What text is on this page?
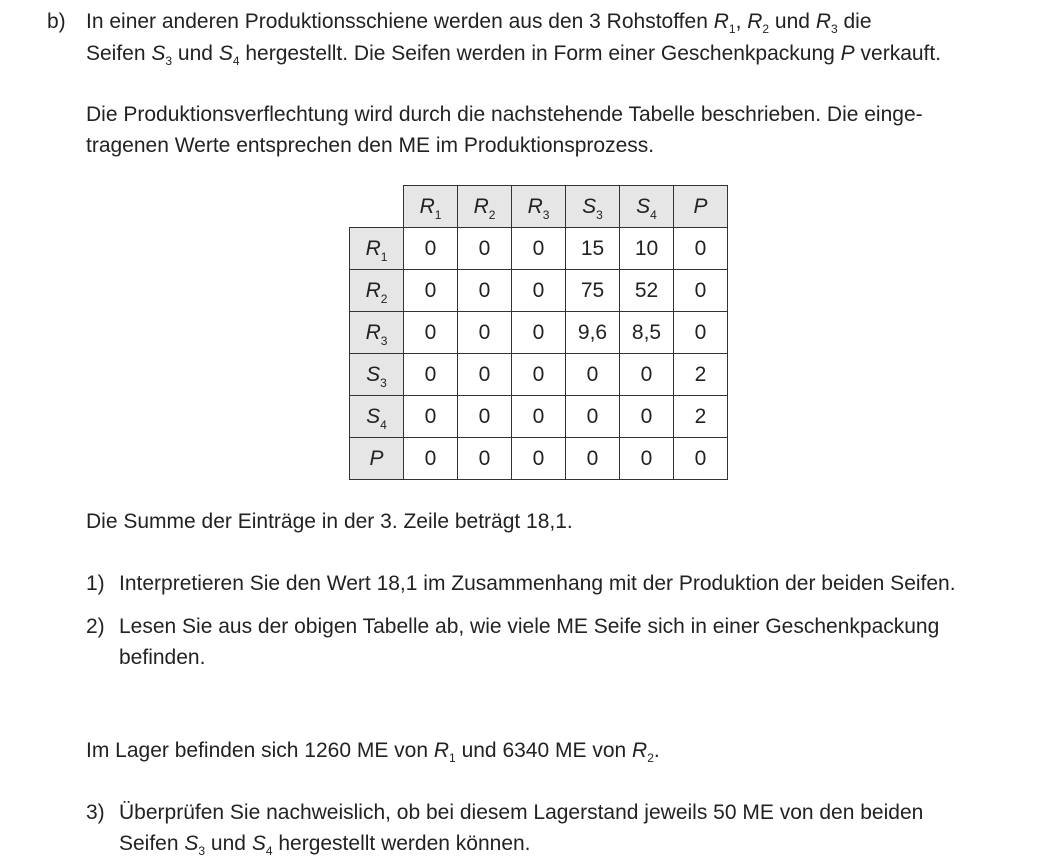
b) In einer anderen Produktionsschiene werden aus den 3 Rohstoffen $R_1$, $R_2$ und $R_3$ die

Seifen $S_3$ und $S_4$ hergestellt. Die Seifen werden in Form einer Geschenkpackung P verkauft.

Die Produktionsverflechtung wird durch die nachstehende Tabelle beschrieben. Die einge-

tragenen Werte entsprechen den ME im Produktionsprozess.

	$R_1$	$R_2$	$R_3$	$S_3$	$S_4$	P
$R_1$	0	0	0	15	10	0
$R_2$	0	0	0	75	52	0
$R_3$	0	0	0	9,6	8,5	0
$S_3$	0	0	0	0	0	2
$S_4$	0	0	0	0	0	2
P	0	0	0	0	0	0

Die Summe der Einträge in der 3. Zeile beträgt 18,1.

1) Interpretieren Sie den Wert 18,1 im Zusammenhang mit der Produktion der beiden Seifen.

2) Lesen Sie aus der obigen Tabelle ab, wie viele ME Seife sich in einer Geschenkpackung

befinden.

Im Lager befinden sich 1260 ME von $R_1$ und 6340 ME von $R_2$.

3) Überprüfen Sie nachweislich, ob bei diesem Lagerstand jeweils 50 ME von den beiden

Seifen $S_3$ und $S_4$ hergestellt werden können.
